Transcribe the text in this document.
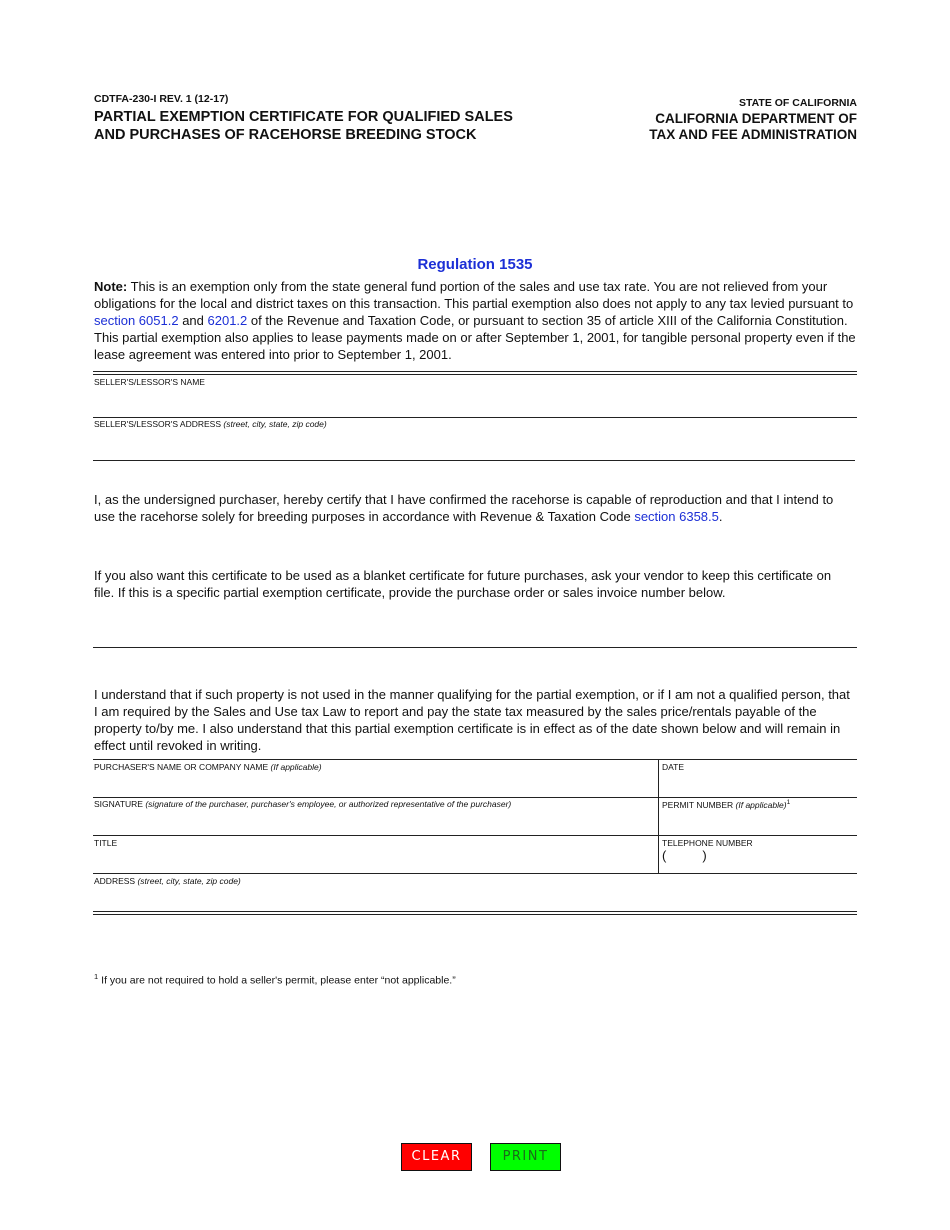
CDTFA-230-I REV. 1 (12-17)
PARTIAL EXEMPTION CERTIFICATE FOR QUALIFIED SALES
AND PURCHASES OF RACEHORSE BREEDING STOCK
STATE OF CALIFORNIA
CALIFORNIA DEPARTMENT OF
TAX AND FEE ADMINISTRATION
Regulation 1535
Note: This is an exemption only from the state general fund portion of the sales and use tax rate. You are not relieved from your obligations for the local and district taxes on this transaction. This partial exemption also does not apply to any tax levied pursuant to section 6051.2 and 6201.2 of the Revenue and Taxation Code, or pursuant to section 35 of article XIII of the California Constitution. This partial exemption also applies to lease payments made on or after September 1, 2001, for tangible personal property even if the lease agreement was entered into prior to September 1, 2001.
SELLER'S/LESSOR'S NAME
SELLER'S/LESSOR'S ADDRESS (street, city, state, zip code)
I, as the undersigned purchaser, hereby certify that I have confirmed the racehorse is capable of reproduction and that I intend to use the racehorse solely for breeding purposes in accordance with Revenue & Taxation Code section 6358.5.
If you also want this certificate to be used as a blanket certificate for future purchases, ask your vendor to keep this certificate on file. If this is a specific partial exemption certificate, provide the purchase order or sales invoice number below.
I understand that if such property is not used in the manner qualifying for the partial exemption, or if I am not a qualified person, that I am required by the Sales and Use tax Law to report and pay the state tax measured by the sales price/rentals payable of the property to/by me. I also understand that this partial exemption certificate is in effect as of the date shown below and will remain in effect until revoked in writing.
PURCHASER'S NAME OR COMPANY NAME (If applicable)	DATE
SIGNATURE (signature of the purchaser, purchaser's employee, or authorized representative of the purchaser)	PERMIT NUMBER (If applicable)$^1$
TITLE	TELEPHONE NUMBER
(	)
ADDRESS (street, city, state, zip code)
$^1$ If you are not required to hold a seller's permit, please enter “not applicable.”
CLEAR	PRINT
